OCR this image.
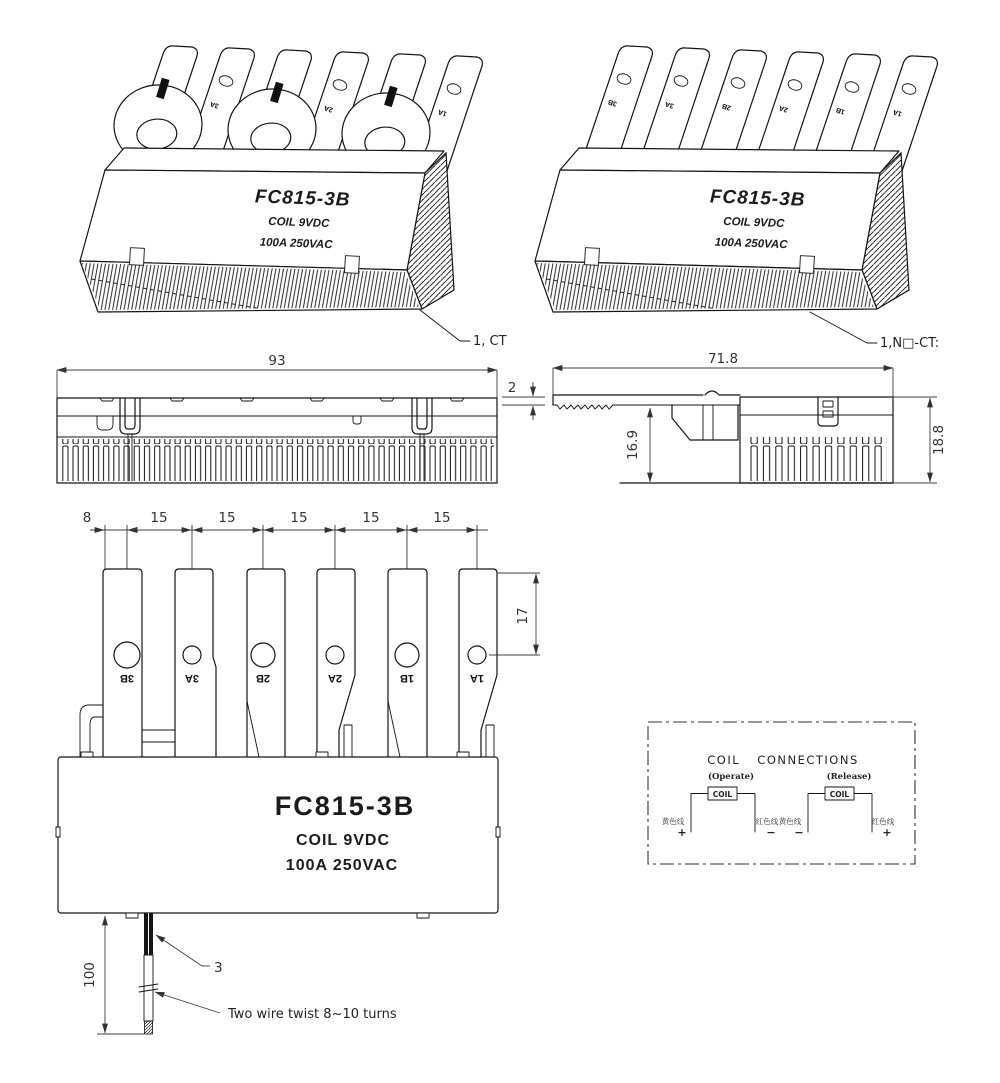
3A	2A	1A
FC815-3B
COIL 9VDC
100A 250VAC
1, CT
3B	3A	2B	2A	1B	1A
FC815-3B
COIL 9VDC
100A 250VAC
1,N□-CT:
93	71.8
2
16.9	18.8
8	15	15	15	15	15
3B	3A	2B	2A	1B	1A
17
FC815-3B
COIL 9VDC
100A 250VAC
100	3
Two wire twist 8~10 turns
COIL CONNECTIONS
(Operate)
COIL
黄色线
+
红色线
−
(Release)
COIL
黄色线
−
红色线
+
